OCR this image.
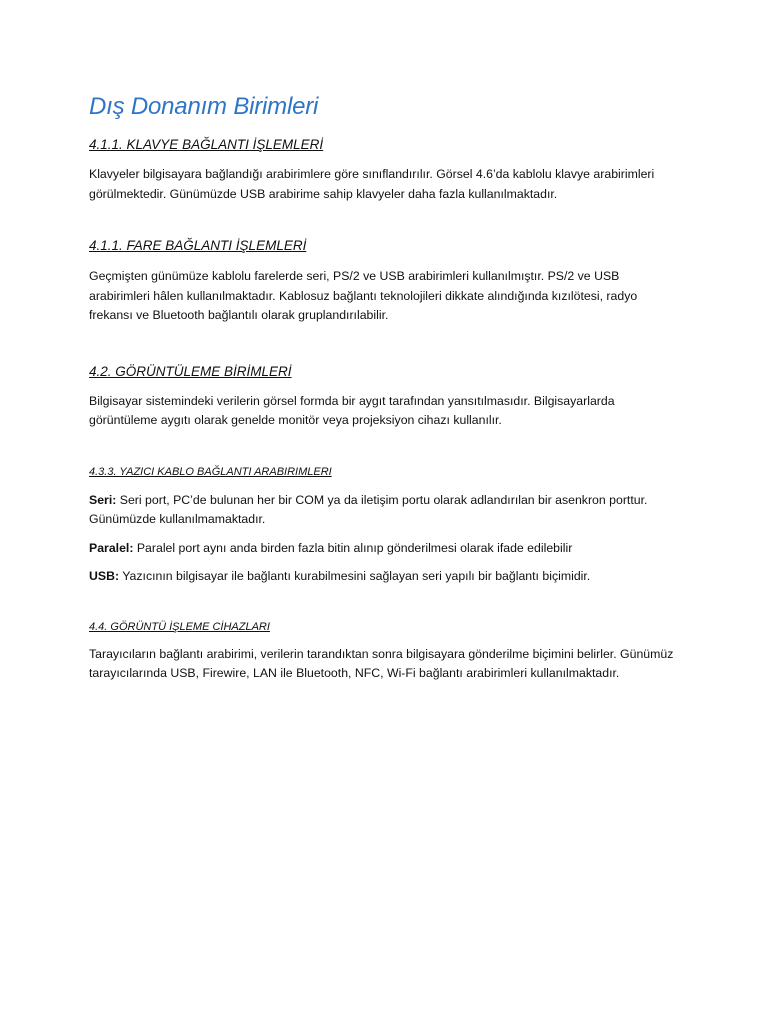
Dış Donanım Birimleri
4.1.1. KLAVYE BAĞLANTI İŞLEMLERİ

Klavyeler bilgisayara bağlandığı arabirimlere göre sınıflandırılır. Görsel 4.6’da kablolu klavye arabirimleri görülmektedir. Günümüzde USB arabirime sahip klavyeler daha fazla kullanılmaktadır.

4.1.1. FARE BAĞLANTI İŞLEMLERİ

Geçmişten günümüze kablolu farelerde seri, PS/2 ve USB arabirimleri kullanılmıştır. PS/2 ve USB arabirimleri hâlen kullanılmaktadır. Kablosuz bağlantı teknolojileri dikkate alındığında kızılötesi, radyo frekansı ve Bluetooth bağlantılı olarak gruplandırılabilir.

4.2. GÖRÜNTÜLEME BİRİMLERİ

Bilgisayar sistemindeki verilerin görsel formda bir aygıt tarafından yansıtılmasıdır. Bilgisayarlarda görüntüleme aygıtı olarak genelde monitör veya projeksiyon cihazı kullanılır.

4.3.3. YAZICI KABLO BAĞLANTI ARABIRIMLERI

Seri: Seri port, PC’de bulunan her bir COM ya da iletişim portu olarak adlandırılan bir asenkron porttur. Günümüzde kullanılmamaktadır.

Paralel: Paralel port aynı anda birden fazla bitin alınıp gönderilmesi olarak ifade edilebilir

USB: Yazıcının bilgisayar ile bağlantı kurabilmesini sağlayan seri yapılı bir bağlantı biçimidir.

4.4. GÖRÜNTÜ İŞLEME CİHAZLARI

Tarayıcıların bağlantı arabirimi, verilerin tarandıktan sonra bilgisayara gönderilme biçimini belirler. Günümüz tarayıcılarında USB, Firewire, LAN ile Bluetooth, NFC, Wi-Fi bağlantı arabirimleri kullanılmaktadır.
